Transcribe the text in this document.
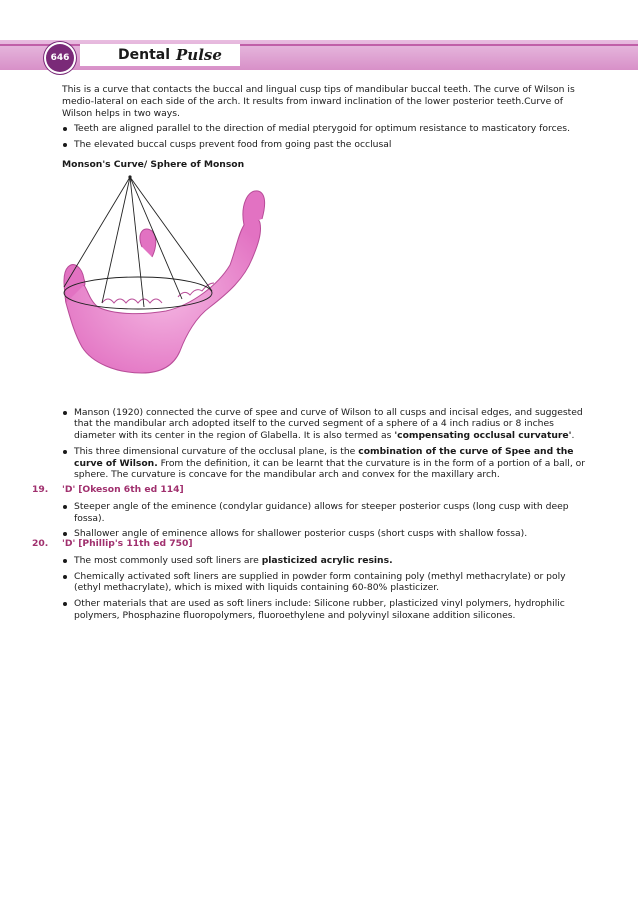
646	Dental Pulse

This is a curve that contacts the buccal and lingual cusp tips of mandibular buccal teeth. The curve of Wilson is medio-lateral on each side of the arch. It results from inward inclination of the lower posterior teeth.Curve of Wilson helps in two ways.

Teeth are aligned parallel to the direction of medial pterygoid for optimum resistance to masticatory forces.
The elevated buccal cusps prevent food from going past the occlusal
Monson's Curve/ Sphere of Monson
Manson (1920) connected the curve of spee and curve of Wilson to all cusps and incisal edges, and suggested that the mandibular arch adopted itself to the curved segment of a sphere of a 4 inch radius or 8 inches diameter with its center in the region of Glabella. It is also termed as 'compensating occlusal curvature'.
This three dimensional curvature of the occlusal plane, is the combination of the curve of Spee and the curve of Wilson. From the definition, it can be learnt that the curvature is in the form of a portion of a ball, or sphere. The curvature is concave for the mandibular arch and convex for the maxillary arch.
19.	'D'
[Okeson 6th ed 114]
Steeper angle of the eminence (condylar guidance) allows for steeper posterior cusps (long cusp with deep fossa).
Shallower angle of eminence allows for shallower posterior cusps (short cusps with shallow fossa).
20.	'D'
[Phillip's 11th ed 750]
The most commonly used soft liners are plasticized acrylic resins.
Chemically activated soft liners are supplied in powder form containing poly (methyl methacrylate) or poly (ethyl methacrylate), which is mixed with liquids containing 60-80% plasticizer.
Other materials that are used as soft liners include: Silicone rubber, plasticized vinyl polymers, hydrophilic polymers, Phosphazine fluoropolymers, fluoroethylene and polyvinyl siloxane addition silicones.
